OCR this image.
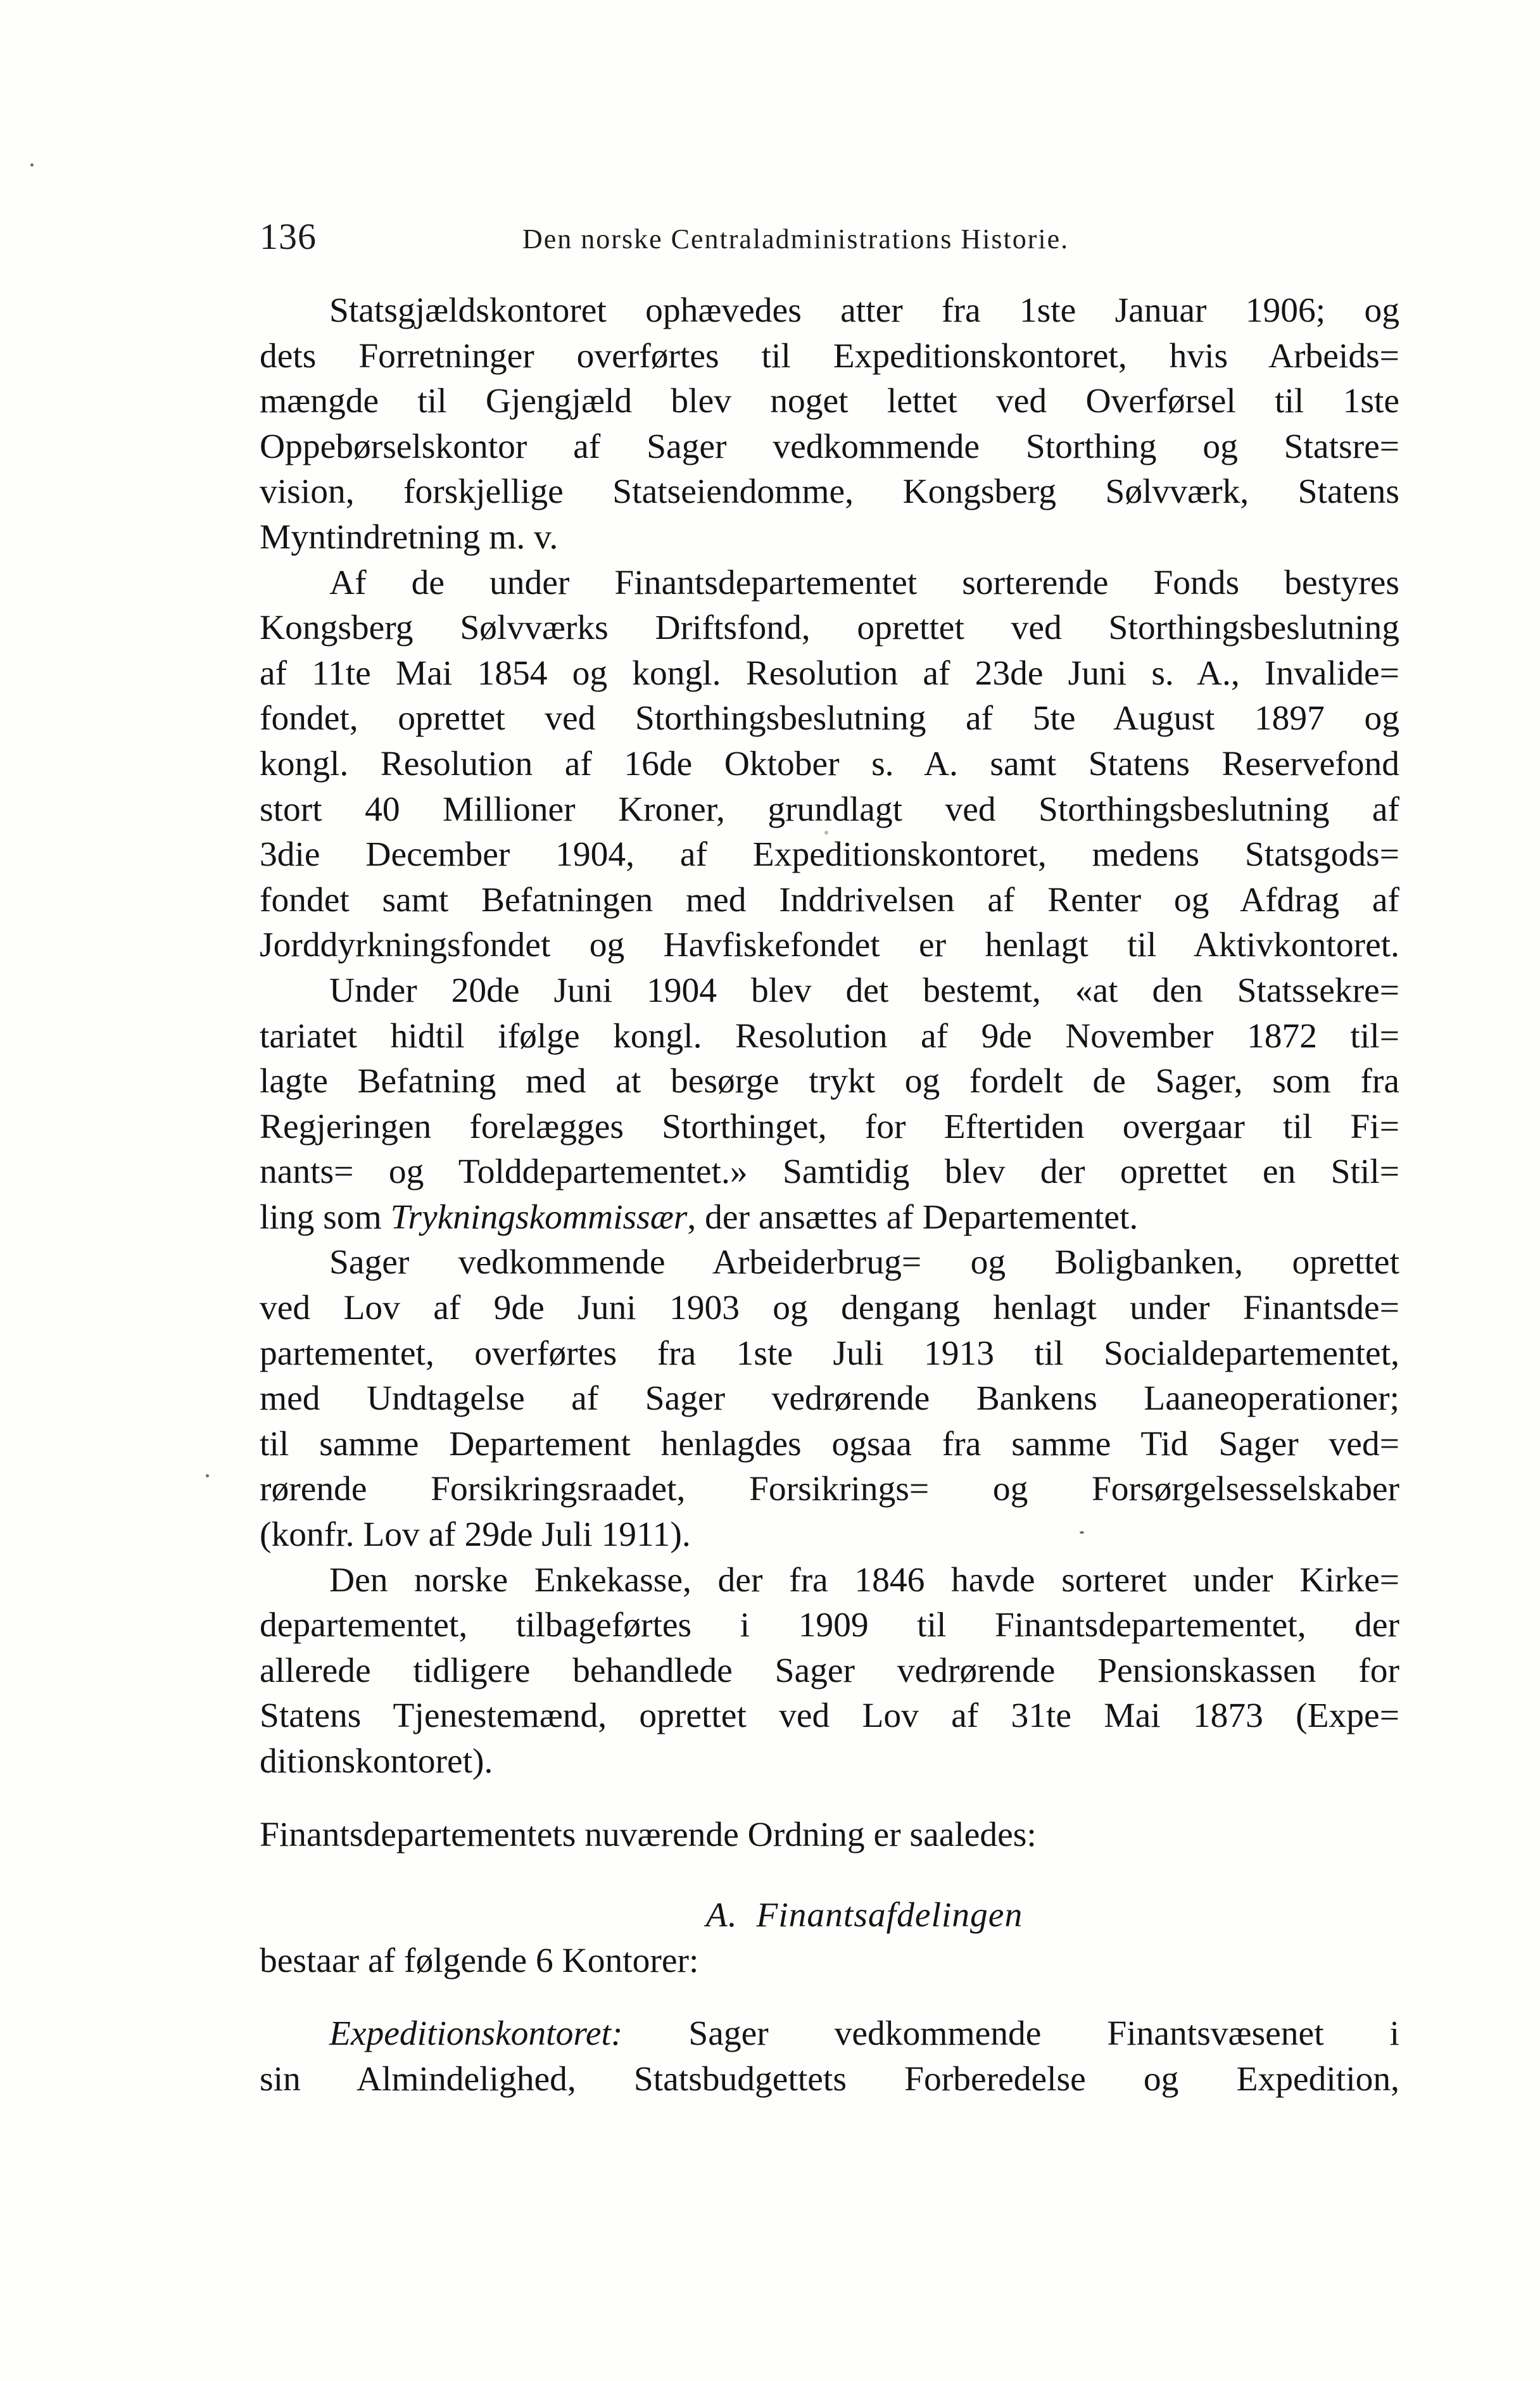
136	Den norske Centraladministrations Historie.
Statsgjældskontoret ophævedes atter fra 1ste Januar 1906; og
dets Forretninger overførtes til Expeditionskontoret, hvis Arbeids=
mængde til Gjengjæld blev noget lettet ved Overførsel til 1ste
Oppebørselskontor af Sager vedkommende Storthing og Statsre=
vision, forskjellige Statseiendomme, Kongsberg Sølvværk, Statens
Myntindretning m. v.
Af de under Finantsdepartementet sorterende Fonds bestyres
Kongsberg Sølvværks Driftsfond, oprettet ved Storthingsbeslutning
af 11te Mai 1854 og kongl. Resolution af 23de Juni s. A., Invalide=
fondet, oprettet ved Storthingsbeslutning af 5te August 1897 og
kongl. Resolution af 16de Oktober s. A. samt Statens Reservefond
stort 40 Millioner Kroner, grundlagt ved Storthingsbeslutning af
3die December 1904, af Expeditionskontoret, medens Statsgods=
fondet samt Befatningen med Inddrivelsen af Renter og Afdrag af
Jorddyrkningsfondet og Havfiskefondet er henlagt til Aktivkontoret.
Under 20de Juni 1904 blev det bestemt, «at den Statssekre=
tariatet hidtil ifølge kongl. Resolution af 9de November 1872 til=
lagte Befatning med at besørge trykt og fordelt de Sager, som fra
Regjeringen forelægges Storthinget, for Eftertiden overgaar til Fi=
nants= og Tolddepartementet.» Samtidig blev der oprettet en Stil=
ling som Trykningskommissær, der ansættes af Departementet.
Sager vedkommende Arbeiderbrug= og Boligbanken, oprettet
ved Lov af 9de Juni 1903 og dengang henlagt under Finantsde=
partementet, overførtes fra 1ste Juli 1913 til Socialdepartementet,
med Undtagelse af Sager vedrørende Bankens Laaneoperationer;
til samme Departement henlagdes ogsaa fra samme Tid Sager ved=
rørende Forsikringsraadet, Forsikrings= og Forsørgelsesselskaber
(konfr. Lov af 29de Juli 1911).
Den norske Enkekasse, der fra 1846 havde sorteret under Kirke=
departementet, tilbageførtes i 1909 til Finantsdepartementet, der
allerede tidligere behandlede Sager vedrørende Pensionskassen for
Statens Tjenestemænd, oprettet ved Lov af 31te Mai 1873 (Expe=
ditionskontoret).
Finantsdepartementets nuværende Ordning er saaledes:
A. Finantsafdelingen
bestaar af følgende 6 Kontorer:
Expeditionskontoret: Sager vedkommende Finantsvæsenet i
sin Almindelighed, Statsbudgettets Forberedelse og Expedition,
